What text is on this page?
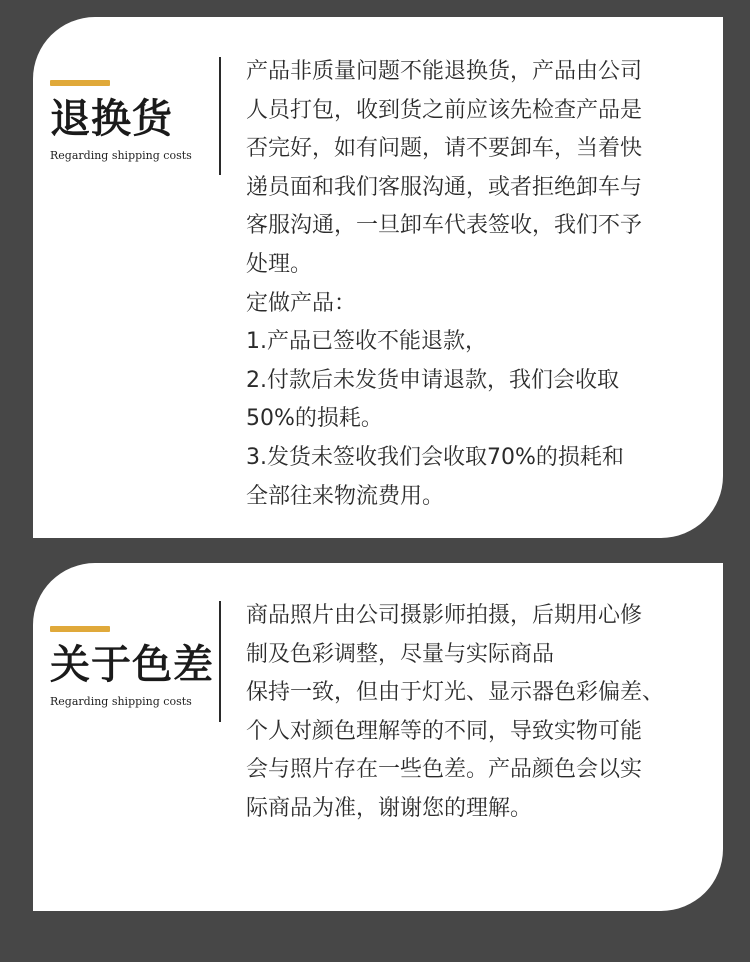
退换货
Regarding shipping costs
产品非质量问题不能退换货，产品由公司
人员打包，收到货之前应该先检查产品是
否完好，如有问题，请不要卸车，当着快
递员面和我们客服沟通，或者拒绝卸车与
客服沟通，一旦卸车代表签收，我们不予
处理。
定做产品：
1.产品已签收不能退款，
2.付款后未发货申请退款，我们会收取
50%的损耗。
3.发货未签收我们会收取70%的损耗和
全部往来物流费用。
关于色差
Regarding shipping costs
商品照片由公司摄影师拍摄，后期用心修
制及色彩调整，尽量与实际商品
保持一致，但由于灯光、显示器色彩偏差、
个人对颜色理解等的不同，导致实物可能
会与照片存在一些色差。产品颜色会以实
际商品为准，谢谢您的理解。
